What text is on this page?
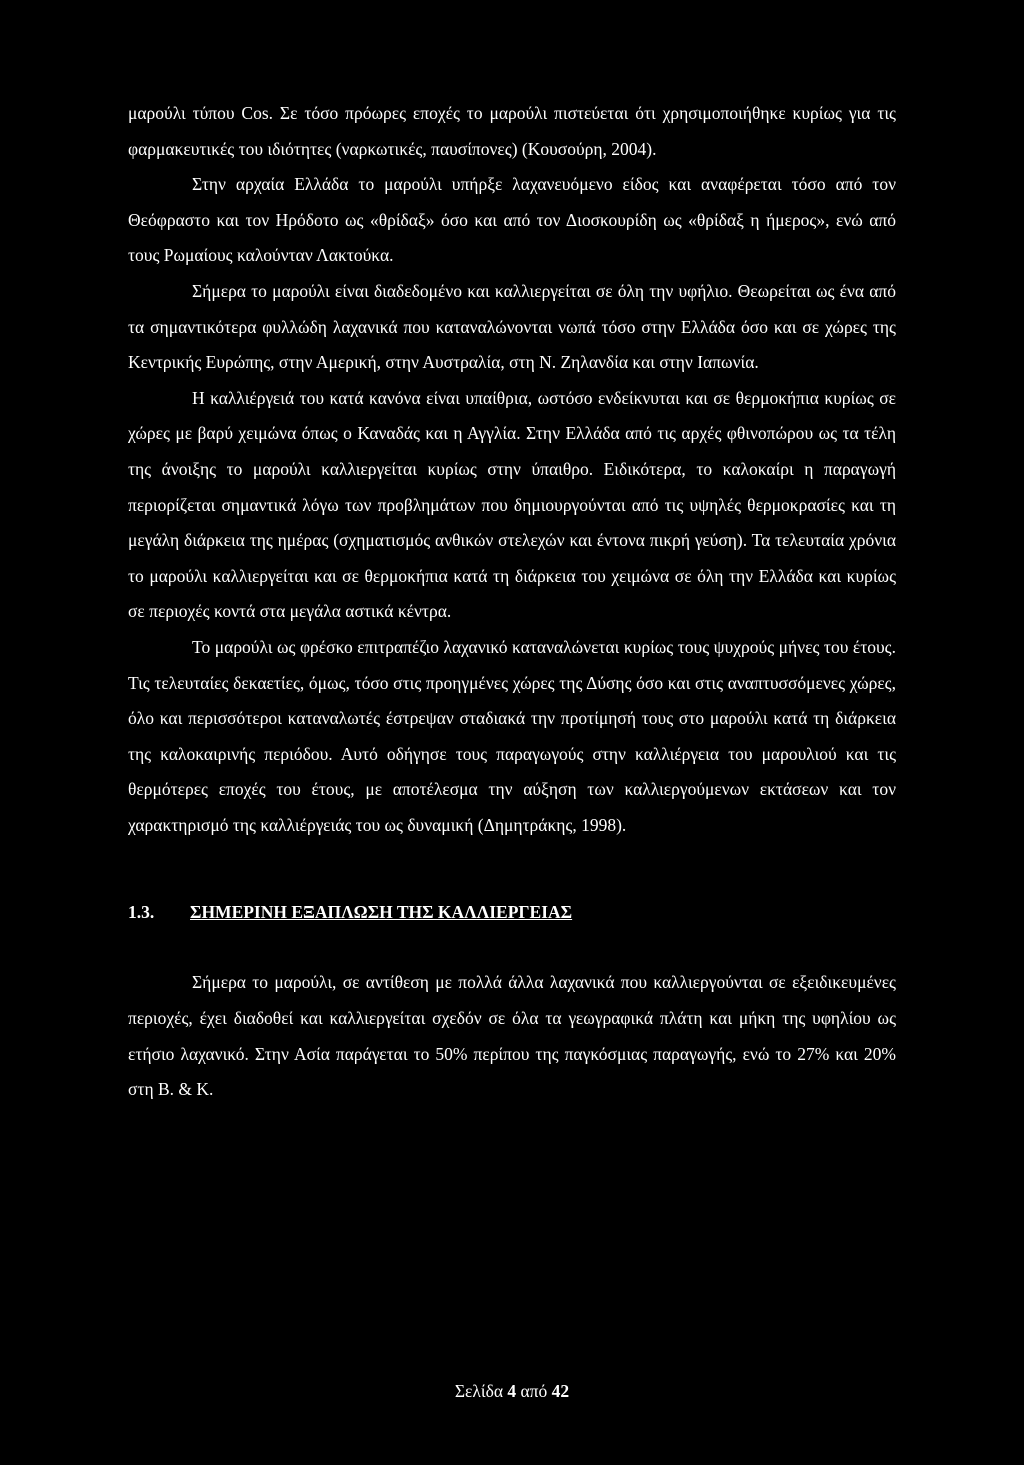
μαρούλι τύπου Cos. Σε τόσο πρόωρες εποχές το μαρούλι πιστεύεται ότι χρησιμοποιήθηκε κυρίως για τις φαρμακευτικές του ιδιότητες (ναρκωτικές, παυσίπονες) (Κουσούρη, 2004).

Στην αρχαία Ελλάδα το μαρούλι υπήρξε λαχανευόμενο είδος και αναφέρεται τόσο από τον Θεόφραστο και τον Ηρόδοτο ως «θρίδαξ» όσο και από τον Διοσκουρίδη ως «θρίδαξ η ήμερος», ενώ από τους Ρωμαίους καλούνταν Λακτούκα.

Σήμερα το μαρούλι είναι διαδεδομένο και καλλιεργείται σε όλη την υφήλιο. Θεωρείται ως ένα από τα σημαντικότερα φυλλώδη λαχανικά που καταναλώνονται νωπά τόσο στην Ελλάδα όσο και σε χώρες της Κεντρικής Ευρώπης, στην Αμερική, στην Αυστραλία, στη Ν. Ζηλανδία και στην Ιαπωνία.

Η καλλιέργειά του κατά κανόνα είναι υπαίθρια, ωστόσο ενδείκνυται και σε θερμοκήπια κυρίως σε χώρες με βαρύ χειμώνα όπως ο Καναδάς και η Αγγλία. Στην Ελλάδα από τις αρχές φθινοπώρου ως τα τέλη της άνοιξης το μαρούλι καλλιεργείται κυρίως στην ύπαιθρο. Ειδικότερα, το καλοκαίρι η παραγωγή περιορίζεται σημαντικά λόγω των προβλημάτων που δημιουργούνται από τις υψηλές θερμοκρασίες και τη μεγάλη διάρκεια της ημέρας (σχηματισμός ανθικών στελεχών και έντονα πικρή γεύση). Τα τελευταία χρόνια το μαρούλι καλλιεργείται και σε θερμοκήπια κατά τη διάρκεια του χειμώνα σε όλη την Ελλάδα και κυρίως σε περιοχές κοντά στα μεγάλα αστικά κέντρα.

Το μαρούλι ως φρέσκο επιτραπέζιο λαχανικό καταναλώνεται κυρίως τους ψυχρούς μήνες του έτους. Τις τελευταίες δεκαετίες, όμως, τόσο στις προηγμένες χώρες της Δύσης όσο και στις αναπτυσσόμενες χώρες, όλο και περισσότεροι καταναλωτές έστρεψαν σταδιακά την προτίμησή τους στο μαρούλι κατά τη διάρκεια της καλοκαιρινής περιόδου. Αυτό οδήγησε τους παραγωγούς στην καλλιέργεια του μαρουλιού και τις θερμότερες εποχές του έτους, με αποτέλεσμα την αύξηση των καλλιεργούμενων εκτάσεων και τον χαρακτηρισμό της καλλιέργειάς του ως δυναμική (Δημητράκης, 1998).

1.3.	ΣΗΜΕΡΙΝΗ ΕΞΑΠΛΩΣΗ ΤΗΣ ΚΑΛΛΙΕΡΓΕΙΑΣ

Σήμερα το μαρούλι, σε αντίθεση με πολλά άλλα λαχανικά που καλλιεργούνται σε εξειδικευμένες περιοχές, έχει διαδοθεί και καλλιεργείται σχεδόν σε όλα τα γεωγραφικά πλάτη και μήκη της υφηλίου ως ετήσιο λαχανικό. Στην Ασία παράγεται το 50% περίπου της παγκόσμιας παραγωγής, ενώ το 27% και 20% στη Β. & Κ.

Σελίδα 4 από 42
